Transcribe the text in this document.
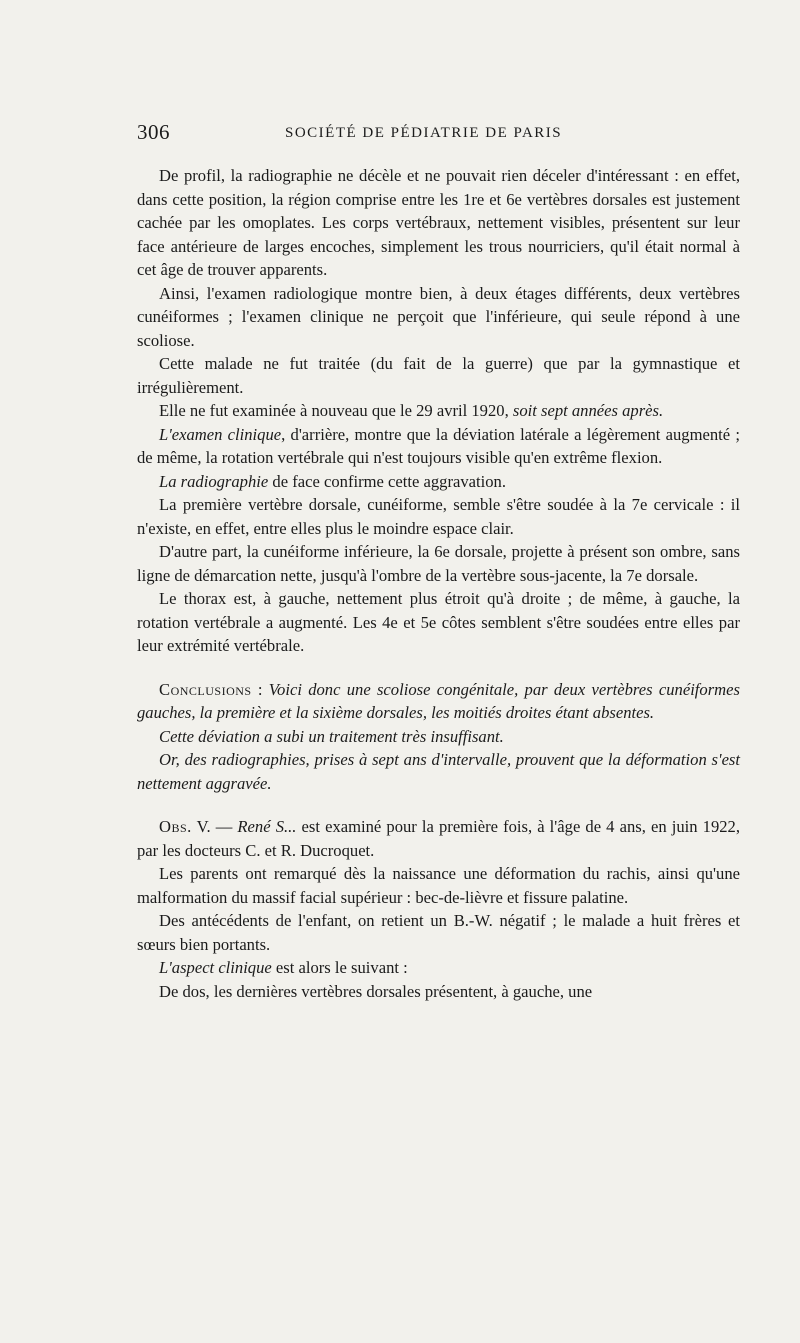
306	SOCIÉTÉ DE PÉDIATRIE DE PARIS

De profil, la radiographie ne décèle et ne pouvait rien déceler d'intéressant : en effet, dans cette position, la région comprise entre les 1re et 6e vertèbres dorsales est justement cachée par les omoplates. Les corps vertébraux, nettement visibles, présentent sur leur face antérieure de larges encoches, simplement les trous nourriciers, qu'il était normal à cet âge de trouver apparents.

Ainsi, l'examen radiologique montre bien, à deux étages différents, deux vertèbres cunéiformes ; l'examen clinique ne perçoit que l'inférieure, qui seule répond à une scoliose.

Cette malade ne fut traitée (du fait de la guerre) que par la gymnastique et irrégulièrement.

Elle ne fut examinée à nouveau que le 29 avril 1920, soit sept années après.

L'examen clinique, d'arrière, montre que la déviation latérale a légèrement augmenté ; de même, la rotation vertébrale qui n'est toujours visible qu'en extrême flexion.

La radiographie de face confirme cette aggravation.

La première vertèbre dorsale, cunéiforme, semble s'être soudée à la 7e cervicale : il n'existe, en effet, entre elles plus le moindre espace clair.

D'autre part, la cunéiforme inférieure, la 6e dorsale, projette à présent son ombre, sans ligne de démarcation nette, jusqu'à l'ombre de la vertèbre sous-jacente, la 7e dorsale.

Le thorax est, à gauche, nettement plus étroit qu'à droite ; de même, à gauche, la rotation vertébrale a augmenté. Les 4e et 5e côtes semblent s'être soudées entre elles par leur extrémité vertébrale.

Conclusions : Voici donc une scoliose congénitale, par deux vertèbres cunéiformes gauches, la première et la sixième dorsales, les moitiés droites étant absentes.

Cette déviation a subi un traitement très insuffisant.

Or, des radiographies, prises à sept ans d'intervalle, prouvent que la déformation s'est nettement aggravée.

Obs. V. — René S... est examiné pour la première fois, à l'âge de 4 ans, en juin 1922, par les docteurs C. et R. Ducroquet.

Les parents ont remarqué dès la naissance une déformation du rachis, ainsi qu'une malformation du massif facial supérieur : bec-de-lièvre et fissure palatine.

Des antécédents de l'enfant, on retient un B.-W. négatif ; le malade a huit frères et sœurs bien portants.

L'aspect clinique est alors le suivant :

De dos, les dernières vertèbres dorsales présentent, à gauche, une
